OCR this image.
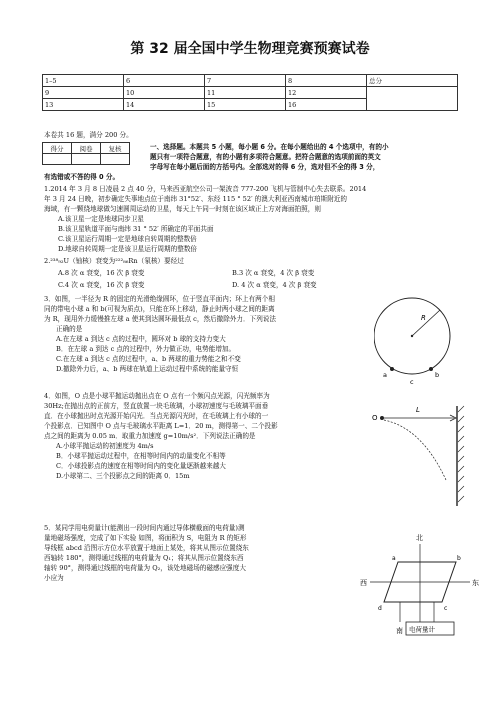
第 32 届全国中学生物理竞赛预赛试卷
1–5	6	7	8	总分
9	10	11	12	
13	14	15	16	
本卷共 16 题，满分 200 分。
得分	阅卷	复核
			一、选择题。本题共 5 小题，每小题 6 分。在每小题给出的 4 个选项中，有的小
题只有一项符合题意，有的小题有多项符合题意。把符合题意的选项前面的英文
字母写在每小题后面的方括号内。全部选对的得 6 分，选对但不全的得 3 分，
有选错或不答的得 0 分。
1.2014 年 3 月 8 日凌晨 2 点 40 分，马来西亚航空公司一架波音 777-200 飞机与管制中心失去联系。2014
年 3 月 24 日晚，初步确定失事地点位于南纬 31°52′、东经 115 ° 52′ 的澳大利亚西南城市珀斯附近的
海域，有一颗绕地球做匀速圆周运动的卫星，每天上午同一时刻在该区域正上方对海面拍照，则
A.该卫星一定是地球同步卫星
B.该卫星轨道平面与南纬 31 ° 52′ 所确定的平面共面
C.该卫星运行周期一定是地球自转周期的整数倍
D.地球自转周期一定是该卫星运行周期的整数倍
2.²³⁸₉₂U（铀核）衰变为²²²₈₆Rn（氡核）要经过
A.8 次 α 衰变，16 次 β 衰变	B.3 次 α 衰变，4 次 β 衰变
C.4 次 α 衰变，16 次 β 衰变	D. 4 次 α 衰变，4 次 β 衰变
3．如图，一半径为 R 的固定的光滑绝缘圆环，位于竖直平面内；环上有两个相
同的带电小球 a 和 b(可视为质点)，只能在环上移动，静止时两小球之间的距离
为 R，现用外力缓慢推左球 a 使其到达圆环最低点 c，然后撤除外力．下列说法
正确的是
A.在左球 a 到达 c 点的过程中，圆环对 b 球的支持力变大
B．在左球 a 到达 c 点的过程中，外力做正功，电势能增加。
C.在左球 a 到达 c 点的过程中，a、b 两球的重力势能之和不变
D.撤除外力后，a、b 两球在轨道上运动过程中系统的能量守恒
R
a	b
c
4．如图，O 点是小球平抛运动抛出点在 O 点有一个频闪点光源，闪光频率为
30Hz;在抛出点的正前方，竖直放置一块毛玻璃，小球初速度与毛玻璃平面垂
直．在小球抛出时点光源开始闪光．当点光源闪光时，在毛玻璃上有小球的一
个投影点．已知图中 O 点与毛玻璃水平距离 L=1．20 m，测得第一、二个投影
点之间的距离为 0.05 m．取重力加速度 g=10m/s²．下列说法正确的是
A.小球平抛运动的初速度为 4m/s
B．小球平抛运动过程中，在相等时间内的动量变化不相等
C．小球投影点的速度在相等时间内的变化量逐渐越来越大
D.小球第二、三个投影点之间的距离 0．15m
O
L
5．某同学用电荷量计(能测出一段时间内通过导体横截面的电荷量)测
量地磁场强度，完成了如下实验 如图，将面积为 S，电阻为 R 的矩形
导线框 abcd 沿图示方位水平放置于地面上某处，将其从图示位置绕东
西轴转 180°，测得通过线框的电荷量为 Q₁；将其从图示位置绕东西
轴转 90°，测得通过线框的电荷量为 Q₂，该处地磁场的磁感应强度大
小应为
北
西	东
a	b
c
d
南 电荷量计
